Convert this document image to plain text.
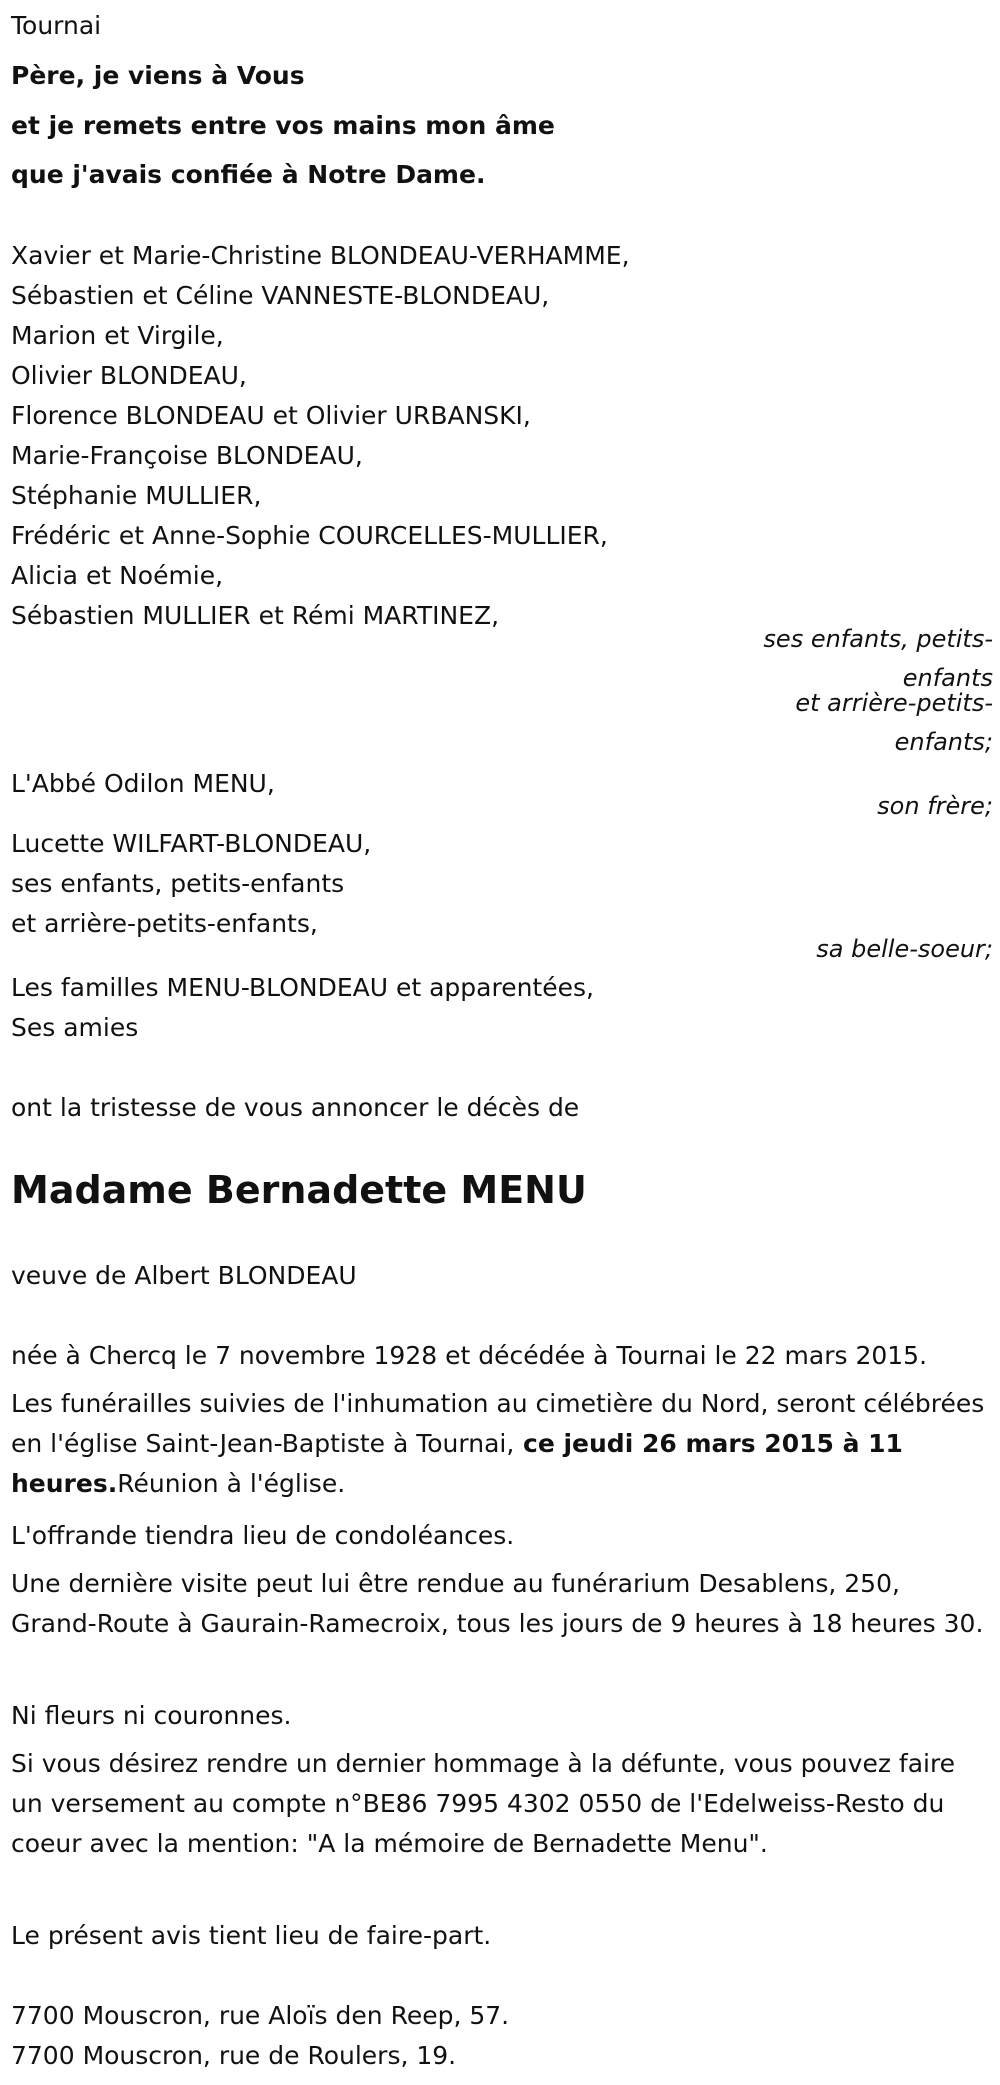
Tournai
Père, je viens à Vous
et je remets entre vos mains mon âme
que j'avais confiée à Notre Dame.
Xavier et Marie-Christine BLONDEAU-VERHAMME,
Sébastien et Céline VANNESTE-BLONDEAU,
Marion et Virgile,
Olivier BLONDEAU,
Florence BLONDEAU et Olivier URBANSKI,
Marie-Françoise BLONDEAU,
Stéphanie MULLIER,
Frédéric et Anne-Sophie COURCELLES-MULLIER,
Alicia et Noémie,
Sébastien MULLIER et Rémi MARTINEZ,
ses enfants, petits-
enfants
et arrière-petits-
enfants;
L'Abbé Odilon MENU,
son frère;
Lucette WILFART-BLONDEAU,
ses enfants, petits-enfants
et arrière-petits-enfants,
sa belle-soeur;
Les familles MENU-BLONDEAU et apparentées,
Ses amies
ont la tristesse de vous annoncer le décès de
Madame Bernadette MENU
veuve de Albert BLONDEAU
née à Chercq le 7 novembre 1928 et décédée à Tournai le 22 mars 2015.
Les funérailles suivies de l'inhumation au cimetière du Nord, seront célébrées en l'église Saint-Jean-Baptiste à Tournai, ce jeudi 26 mars 2015 à 11 heures.Réunion à l'église.
L'offrande tiendra lieu de condoléances.
Une dernière visite peut lui être rendue au funérarium Desablens, 250, Grand-Route à Gaurain-Ramecroix, tous les jours de 9 heures à 18 heures 30.
Ni fleurs ni couronnes.
Si vous désirez rendre un dernier hommage à la défunte, vous pouvez faire un versement au compte n°BE86 7995 4302 0550 de l'Edelweiss-Resto du coeur avec la mention: "A la mémoire de Bernadette Menu".
Le présent avis tient lieu de faire-part.
7700 Mouscron, rue Aloïs den Reep, 57.
7700 Mouscron, rue de Roulers, 19.
